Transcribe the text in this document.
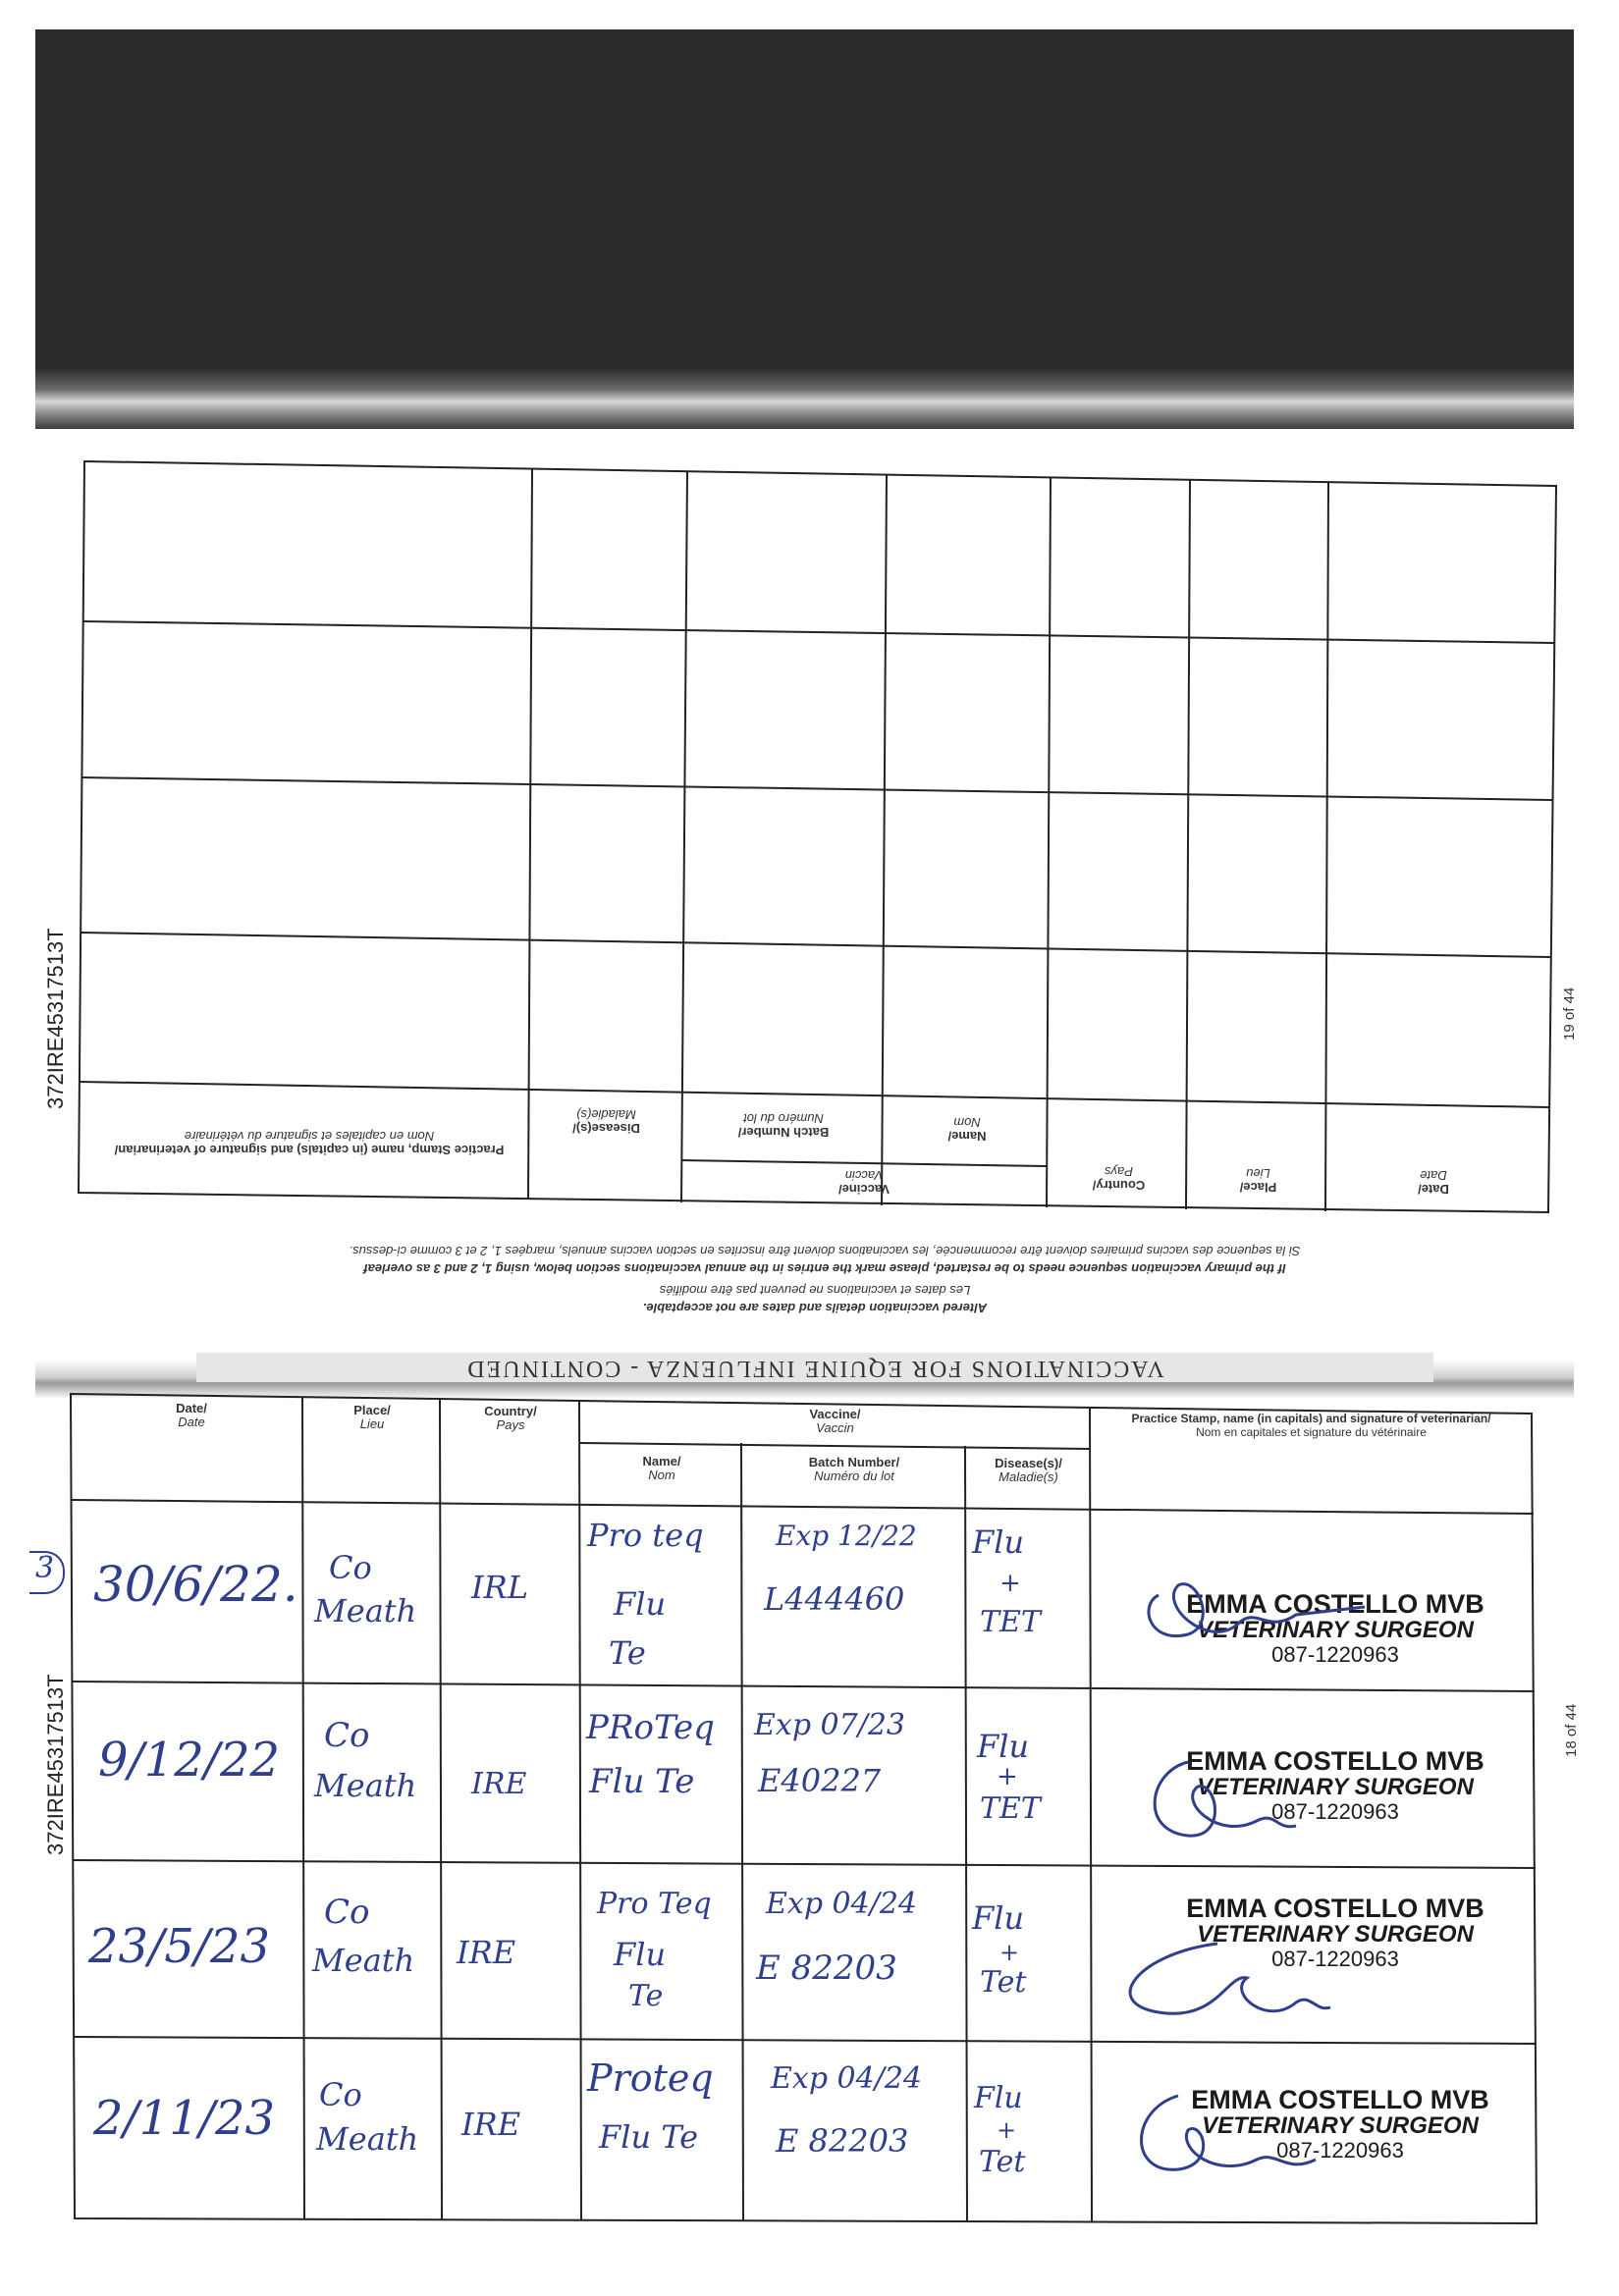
Date/
Date
Place/
Lieu
Country/
Pays
Vaccine/
Vaccin
Name/
Nom
Batch Number/
Numéro du lot
Disease(s)/
Maladie(s)
Practice Stamp, name (in capitals) and signature of veterinarian/
Nom en capitales et signature du vétérinaire
If the primary vaccination sequence needs to be restarted, please mark the entries in the annual vaccinations section below, using 1, 2 and 3 as overleaf
Si la sequence des vaccins primaires doivent être recommencée, les vaccinations doivent être inscrites en section vaccins annuels, marqées 1, 2 et 3 comme ci-dessus.
Altered vaccination details and dates are not acceptable.
Les dates et vaccinations ne peuvent pas être modifiés
372IRE45317513T	19 of 44
VACCINATIONS FOR EQUINE INFLUENZA - CONTINUED
Date/
Date
Place/
Lieu
Country/
Pays
Vaccine/
Vaccin
Name/
Nom
Batch Number/
Numéro du lot
Disease(s)/
Maladie(s)
Practice Stamp, name (in capitals) and signature of veterinarian/
Nom en capitales et signature du vétérinaire
3
372IRE45317513T	18 of 44
30/6/22. Co
Meath
IRL
Pro teq
Flu
Te
Exp 12/22
L444460
Flu
+
TET
EMMA COSTELLO MVB
VETERINARY SURGEON
087-1220963
9/12/22 Co
Meath IRE
PRoTeq
Flu Te
Exp 07/23
E40227
Flu
+
TET
EMMA COSTELLO MVB
VETERINARY SURGEON
087-1220963
23/5/23
Co
Meath IRE
Pro Teq
Flu
Te
Exp 04/24
E 82203
Flu
+
Tet
EMMA COSTELLO MVB
VETERINARY SURGEON
087-1220963
2/11/23 Co
Meath IRE
Proteq
Flu Te
Exp 04/24
E 82203
Flu
+
Tet
EMMA COSTELLO MVB
VETERINARY SURGEON
087-1220963
